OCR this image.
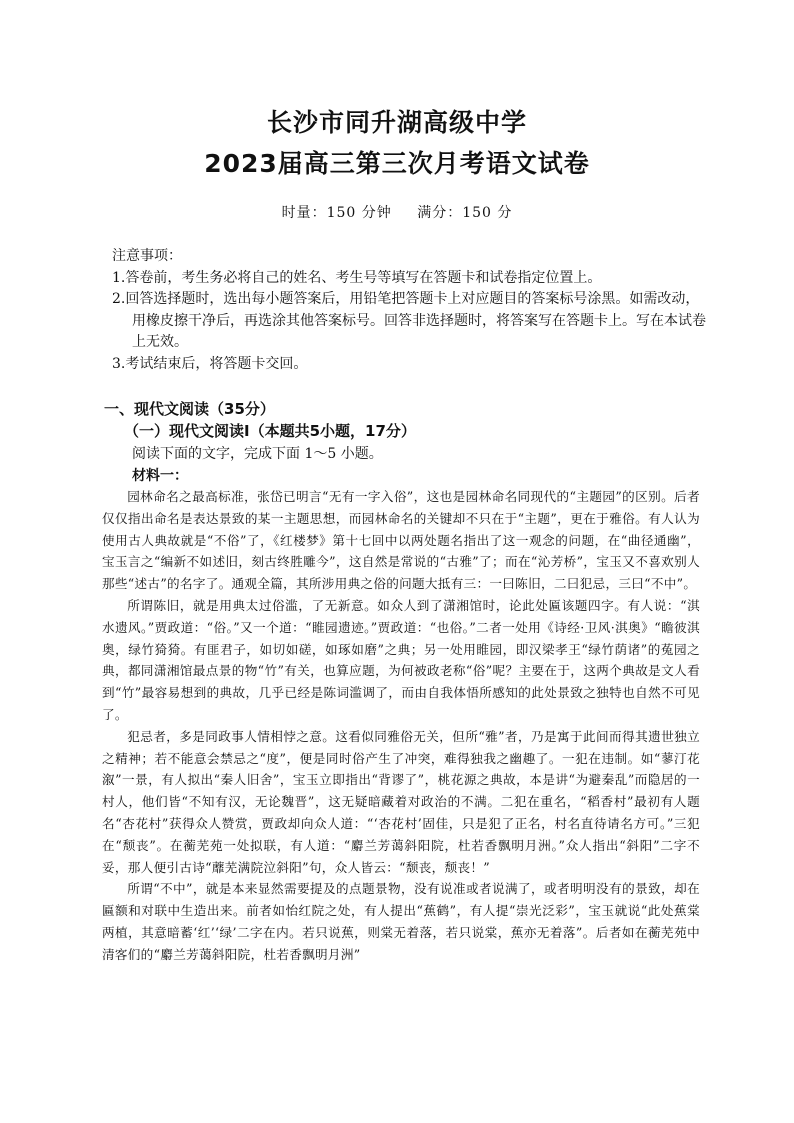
长沙市同升湖高级中学
2023届高三第三次月考语文试卷
时量：150 分钟 满分：150 分
注意事项：
1.答卷前，考生务必将自己的姓名、考生号等填写在答题卡和试卷指定位置上。
2.回答选择题时，选出每小题答案后，用铅笔把答题卡上对应题目的答案标号涂黑。如需改动，用橡皮擦干净后，再选涂其他答案标号。回答非选择题时，将答案写在答题卡上。写在本试卷上无效。
3.考试结束后，将答题卡交回。
一、现代文阅读（35分）
（一）现代文阅读Ⅰ（本题共5小题，17分）
阅读下面的文字，完成下面 1～5 小题。
材料一：

园林命名之最高标准，张岱已明言“无有一字入俗”，这也是园林命名同现代的“主题园”的区别。后者仅仅指出命名是表达景致的某一主题思想，而园林命名的关键却不只在于“主题”，更在于雅俗。有人认为使用古人典故就是“不俗”了，《红楼梦》第十七回中以两处题名指出了这一观念的问题，在“曲径通幽”，宝玉言之“编新不如述旧，刻古终胜雕今”，这自然是常说的“古雅”了；而在“沁芳桥”，宝玉又不喜欢别人那些“述古”的名字了。通观全篇，其所涉用典之俗的问题大抵有三：一曰陈旧，二曰犯忌，三曰“不中”。

所谓陈旧，就是用典太过俗滥，了无新意。如众人到了潇湘馆时，论此处匾该题四字。有人说：“淇水遗风。”贾政道：“俗。”又一个道：“睢园遗迹。”贾政道：“也俗。”二者一处用《诗经·卫风·淇奥》“瞻彼淇奥，绿竹猗猗。有匪君子，如切如磋，如琢如磨”之典；另一处用睢园，即汉梁孝王“绿竹荫诸”的菟园之典，都同潇湘馆最点景的物“竹”有关，也算应题，为何被政老称“俗”呢？主要在于，这两个典故是文人看到“竹”最容易想到的典故，几乎已经是陈词滥调了，而由自我体悟所感知的此处景致之独特也自然不可见了。

犯忌者，多是同政事人情相悖之意。这看似同雅俗无关，但所“雅”者，乃是寓于此间而得其遗世独立之精神；若不能意会禁忌之“度”，便是同时俗产生了冲突，难得独我之幽趣了。一犯在违制。如“蓼汀花溆”一景，有人拟出“秦人旧舍”，宝玉立即指出“背谬了”，桃花源之典故，本是讲“为避秦乱”而隐居的一村人，他们皆“不知有汉，无论魏晋”，这无疑暗藏着对政治的不满。二犯在重名，“稻香村”最初有人题名“杏花村”获得众人赞赏，贾政却向众人道：“‘杏花村’固佳，只是犯了正名，村名直待请名方可。”三犯在“颓丧”。在蘅芜苑一处拟联，有人道：“麝兰芳蔼斜阳院，杜若香飘明月洲。”众人指出“斜阳”二字不妥，那人便引古诗“蘼芜满院泣斜阳”句，众人皆云：“颓丧，颓丧！”

所谓“不中”，就是本来显然需要提及的点题景物，没有说准或者说满了，或者明明没有的景致，却在匾额和对联中生造出来。前者如怡红院之处，有人提出“蕉鹤”，有人提“崇光泛彩”，宝玉就说“此处蕉棠两植，其意暗蓄‘红’‘绿’二字在内。若只说蕉，则棠无着落，若只说棠，蕉亦无着落”。后者如在蘅芜苑中清客们的“麝兰芳蔼斜阳院，杜若香飘明月洲”
